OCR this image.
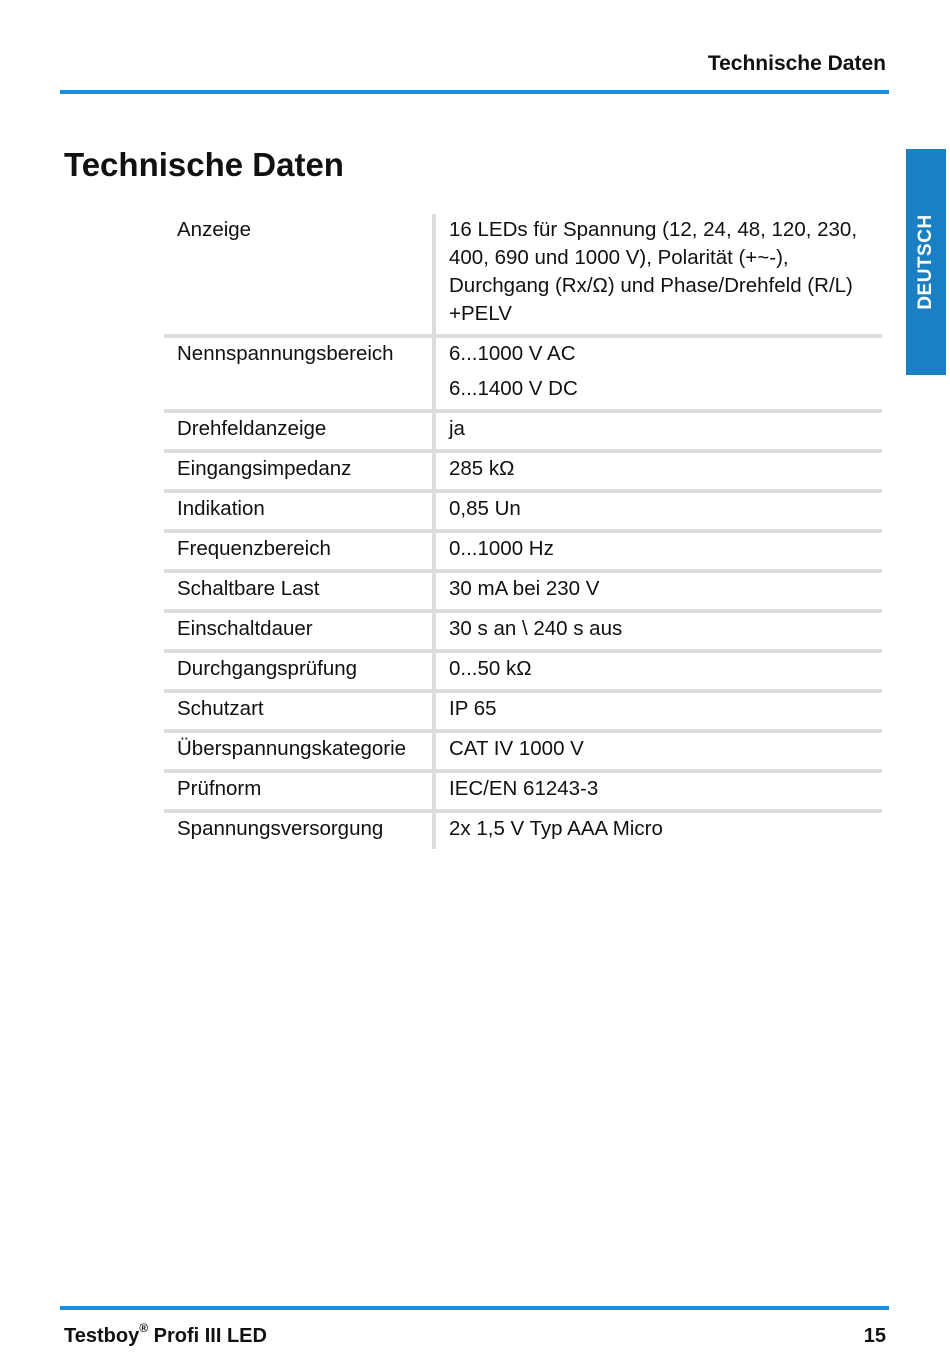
Technische Daten
DEUTSCH
Technische Daten
Anzeige	16 LEDs für Spannung (12, 24, 48, 120, 230, 400, 690 und 1000 V), Polarität (+~-), Durchgang (Rx/Ω) und Phase/Drehfeld (R/L) +PELV

Nennspannungsbereich	6...1000 V AC
6...1400 V DC

Drehfeldanzeige	ja

Eingangsimpedanz	285 kΩ

Indikation	0,85 Un

Frequenzbereich	0...1000 Hz

Schaltbare Last	30 mA bei 230 V

Einschaltdauer	30 s an \ 240 s aus

Durchgangsprüfung	0...50 kΩ

Schutzart	IP 65

Überspannungskategorie	CAT IV 1000 V

Prüfnorm	IEC/EN 61243-3

Spannungsversorgung	2x 1,5 V Typ AAA Micro
Testboy® Profi III LED	15
